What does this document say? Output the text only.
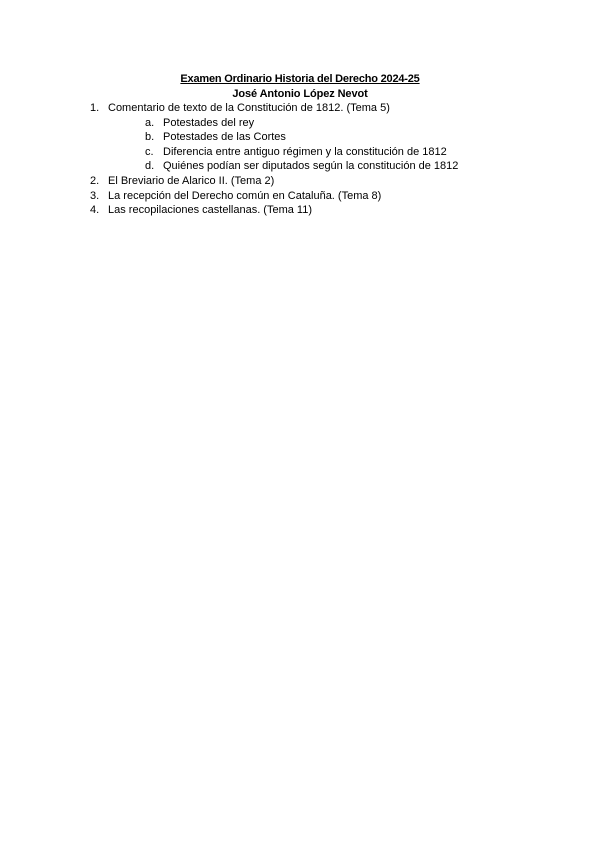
Examen Ordinario Historia del Derecho 2024-25
José Antonio López Nevot
1. Comentario de texto de la Constitución de 1812. (Tema 5)
a. Potestades del rey
b. Potestades de las Cortes
c. Diferencia entre antiguo régimen y la constitución de 1812
d. Quiénes podían ser diputados según la constitución de 1812
2. El Breviario de Alarico II. (Tema 2)
3. La recepción del Derecho común en Cataluña. (Tema 8)
4. Las recopilaciones castellanas. (Tema 11)
